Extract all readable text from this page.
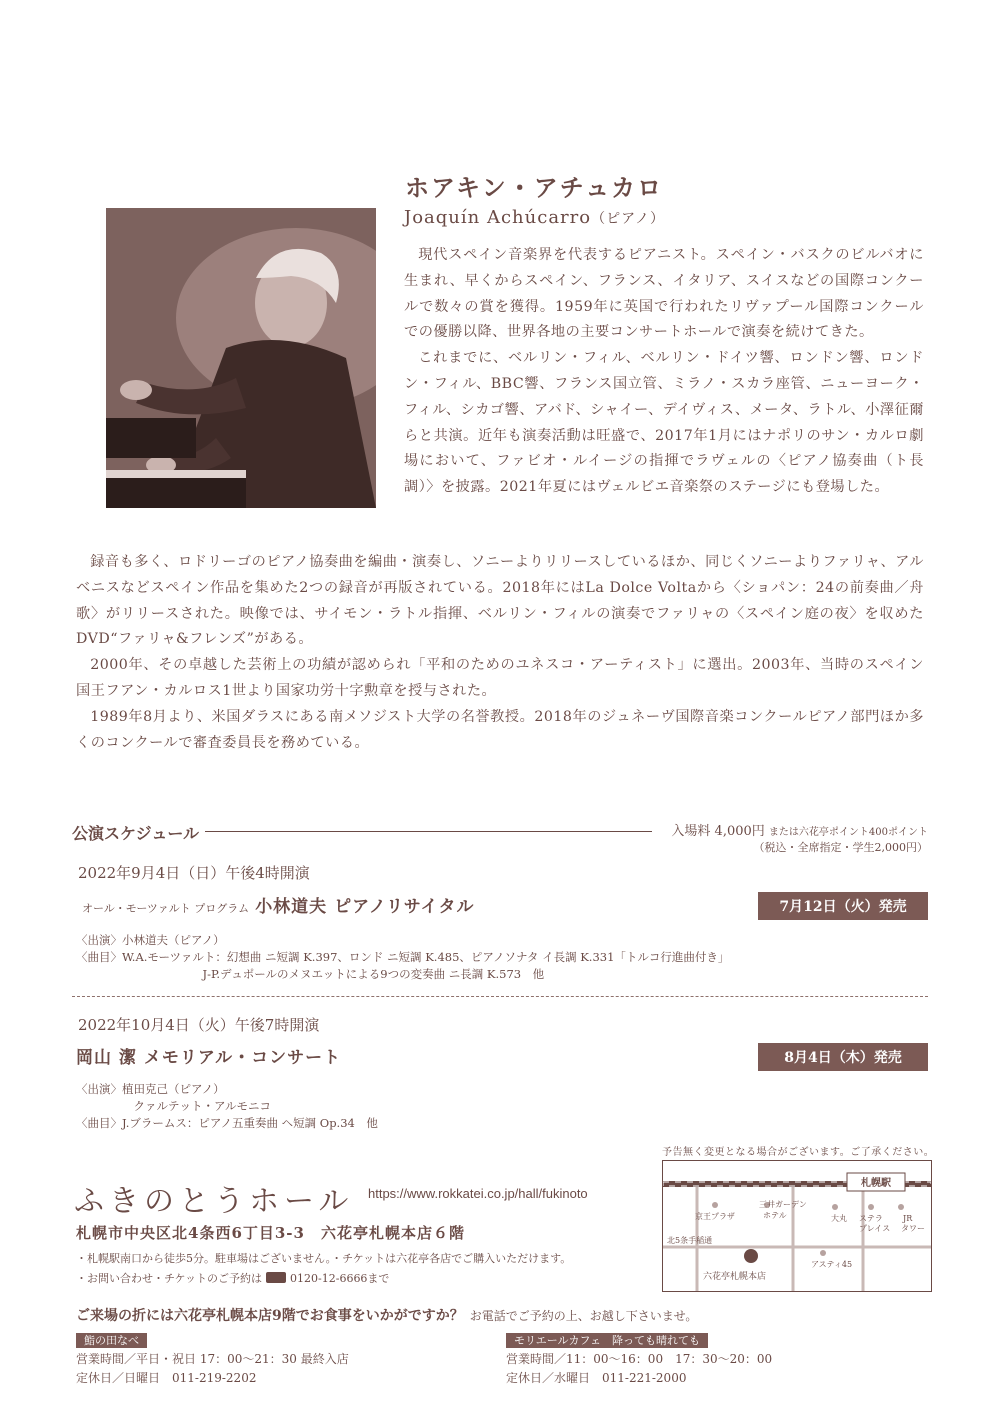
ホアキン・アチュカロ
Joaquín Achúcarro（ピアノ）

現代スペイン音楽界を代表するピアニスト。スペイン・バスクのビルバオに生まれ、早くからスペイン、フランス、イタリア、スイスなどの国際コンクールで数々の賞を獲得。1959年に英国で行われたリヴァプール国際コンクールでの優勝以降、世界各地の主要コンサートホールで演奏を続けてきた。

これまでに、ベルリン・フィル、ベルリン・ドイツ響、ロンドン響、ロンドン・フィル、BBC響、フランス国立管、ミラノ・スカラ座管、ニューヨーク・フィル、シカゴ響、アバド、シャイー、デイヴィス、メータ、ラトル、小澤征爾らと共演。近年も演奏活動は旺盛で、2017年1月にはナポリのサン・カルロ劇場において、ファビオ・ルイージの指揮でラヴェルの〈ピアノ協奏曲（ト長調）〉を披露。2021年夏にはヴェルビエ音楽祭のステージにも登場した。

録音も多く、ロドリーゴのピアノ協奏曲を編曲・演奏し、ソニーよりリリースしているほか、同じくソニーよりファリャ、アルベニスなどスペイン作品を集めた2つの録音が再版されている。2018年にはLa Dolce Voltaから〈ショパン：24の前奏曲／舟歌〉がリリースされた。映像では、サイモン・ラトル指揮、ベルリン・フィルの演奏でファリャの〈スペイン庭の夜〉を収めたDVD“ファリャ&フレンズ”がある。

2000年、その卓越した芸術上の功績が認められ「平和のためのユネスコ・アーティスト」に選出。2003年、当時のスペイン国王フアン・カルロス1世より国家功労十字勲章を授与された。

1989年8月より、米国ダラスにある南メソジスト大学の名誉教授。2018年のジュネーヴ国際音楽コンクールピアノ部門ほか多くのコンクールで審査委員長を務めている。

公演スケジュール	入場料 4,000円 または六花亭ポイント400ポイント
（税込・全席指定・学生2,000円）
2022年9月4日（日）午後4時開演
オール・モーツァルト プログラム 小林道夫 ピアノリサイタル	7月12日（火）発売
〈出演〉小林道夫（ピアノ）
〈曲目〉W.A.モーツァルト：幻想曲 ニ短調 K.397、ロンド ニ短調 K.485、ピアノソナタ イ長調 K.331「トルコ行進曲付き」
　　　　　　　　　　　J-P.デュポールのメヌエットによる9つの変奏曲 ニ長調 K.573　他
2022年10月4日（火）午後7時開演
岡山 潔 メモリアル・コンサート	8月4日（木）発売
〈出演〉植田克己（ピアノ）
　　　　　クァルテット・アルモニコ
〈曲目〉J.ブラームス：ピアノ五重奏曲 ヘ短調 Op.34　他
ふきのとうホール https://www.rokkatei.co.jp/hall/fukinoto
札幌市中央区北4条西6丁目3-3　六花亭札幌本店６階
・札幌駅南口から徒歩5分。駐車場はございません。・チケットは六花亭各店でご購入いただけます。
・お問い合わせ・チケットのご予約は	0120-12-6666まで
予告無く変更となる場合がございます。ご了承ください。
札幌駅
京王プラザ
三井ガーデン
ホテル	大丸 ステラ
プレイス
JR
タワー
北5条手稲通
六花亭札幌本店
アスティ45
ご来場の折には六花亭札幌本店9階でお食事をいかがですか？ お電話でご予約の上、お越し下さいませ。
鮨の田なべ
営業時間／平日・祝日 17：00～21：30 最終入店
定休日／日曜日　011-219-2202
モリエールカフェ　降っても晴れても
営業時間／11：00～16：00　17：30～20：00
定休日／水曜日　011-221-2000
